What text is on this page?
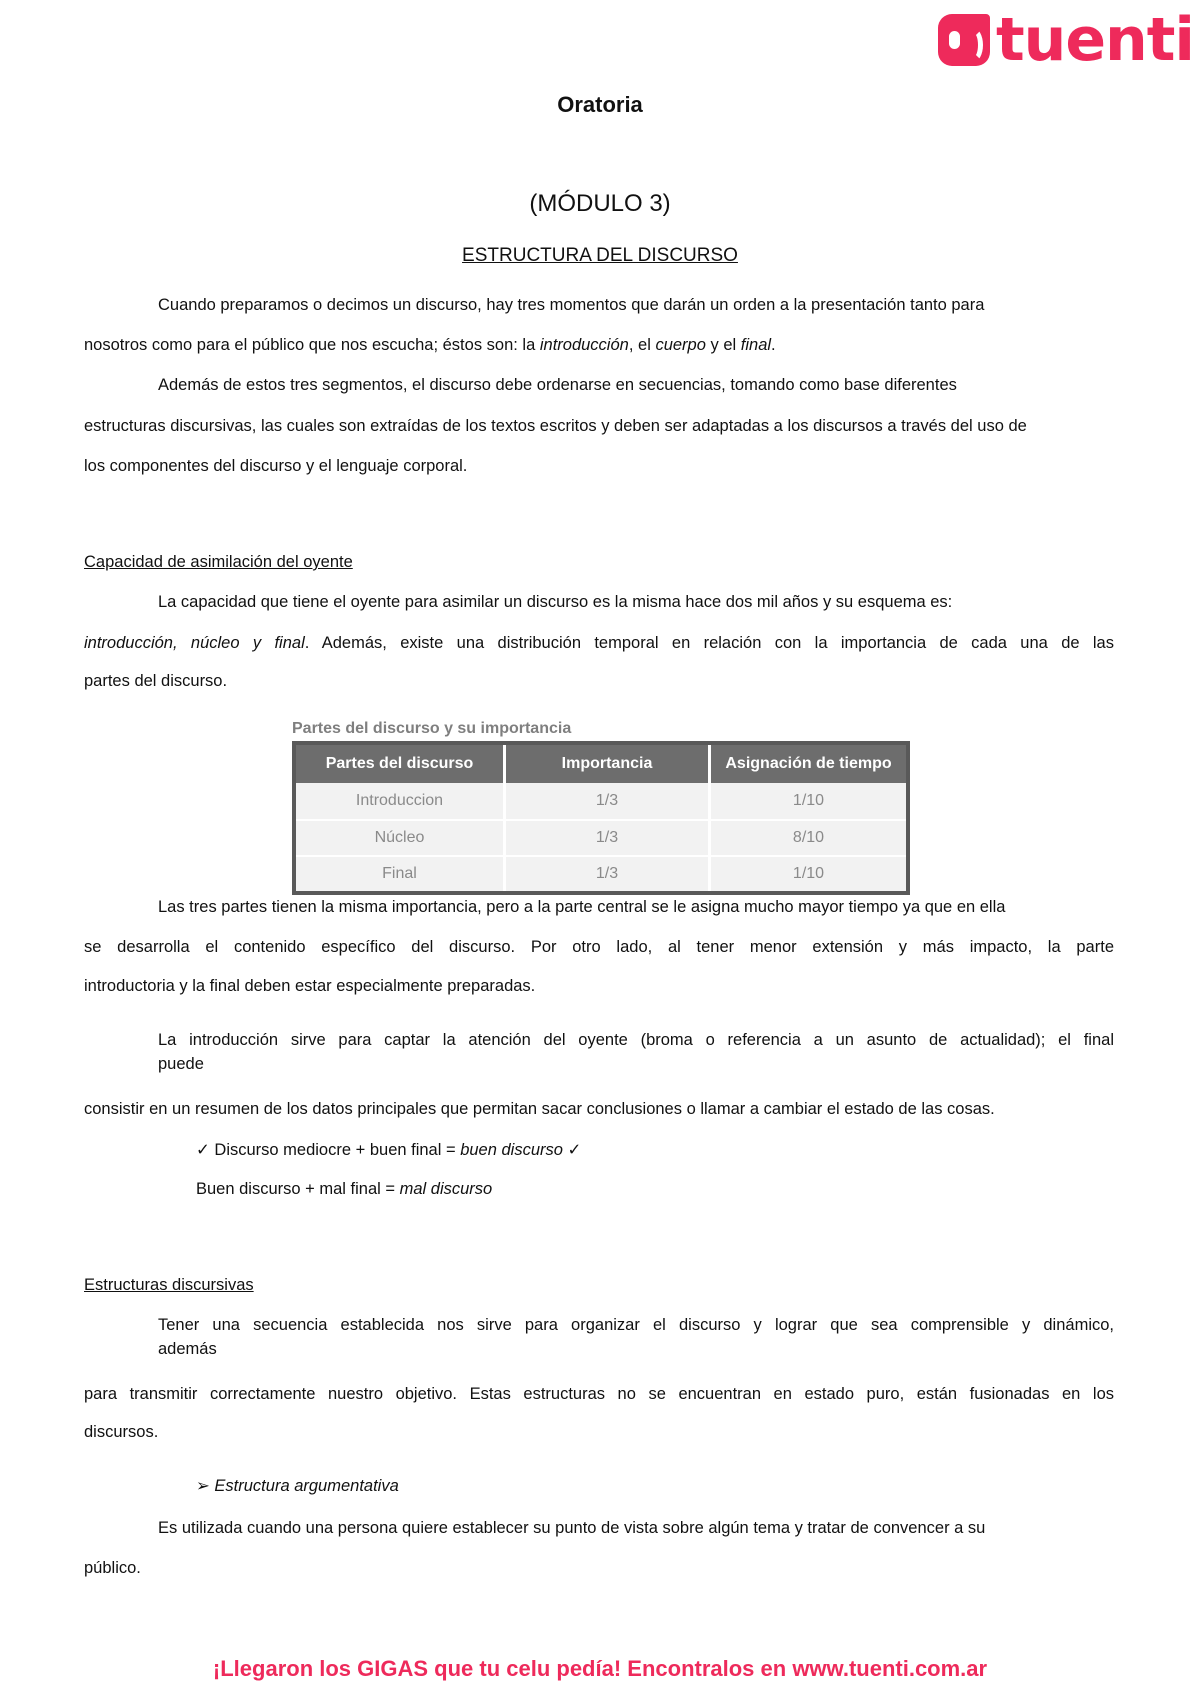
tuenti
Oratoria
(MÓDULO 3)
ESTRUCTURA DEL DISCURSO
Cuando preparamos o decimos un discurso, hay tres momentos que darán un orden a la presentación tanto para
nosotros como para el público que nos escucha; éstos son: la introducción, el cuerpo y el final.
Además de estos tres segmentos, el discurso debe ordenarse en secuencias, tomando como base diferentes
estructuras discursivas, las cuales son extraídas de los textos escritos y deben ser adaptadas a los discursos a través del uso de
los componentes del discurso y el lenguaje corporal.
Capacidad de asimilación del oyente
La capacidad que tiene el oyente para asimilar un discurso es la misma hace dos mil años y su esquema es:
introducción, núcleo y final. Además, existe una distribución temporal en relación con la importancia de cada una de las
partes del discurso.
Partes del discurso y su importancia
Partes del discurso	Importancia	Asignación de tiempo
Introduccion	1/3	1/10
Núcleo	1/3	8/10
Final	1/3	1/10
Las tres partes tienen la misma importancia, pero a la parte central se le asigna mucho mayor tiempo ya que en ella
se desarrolla el contenido específico del discurso. Por otro lado, al tener menor extensión y más impacto, la parte
introductoria y la final deben estar especialmente preparadas.
La introducción sirve para captar la atención del oyente (broma o referencia a un asunto de actualidad); el final
puede
consistir en un resumen de los datos principales que permitan sacar conclusiones o llamar a cambiar el estado de las cosas.
✓ Discurso mediocre + buen final = buen discurso ✓
Buen discurso + mal final = mal discurso
Estructuras discursivas
Tener una secuencia establecida nos sirve para organizar el discurso y lograr que sea comprensible y dinámico,
además
para transmitir correctamente nuestro objetivo. Estas estructuras no se encuentran en estado puro, están fusionadas en los
discursos.
➢ Estructura argumentativa
Es utilizada cuando una persona quiere establecer su punto de vista sobre algún tema y tratar de convencer a su
público.
¡Llegaron los GIGAS que tu celu pedía! Encontralos en www.tuenti.com.ar
